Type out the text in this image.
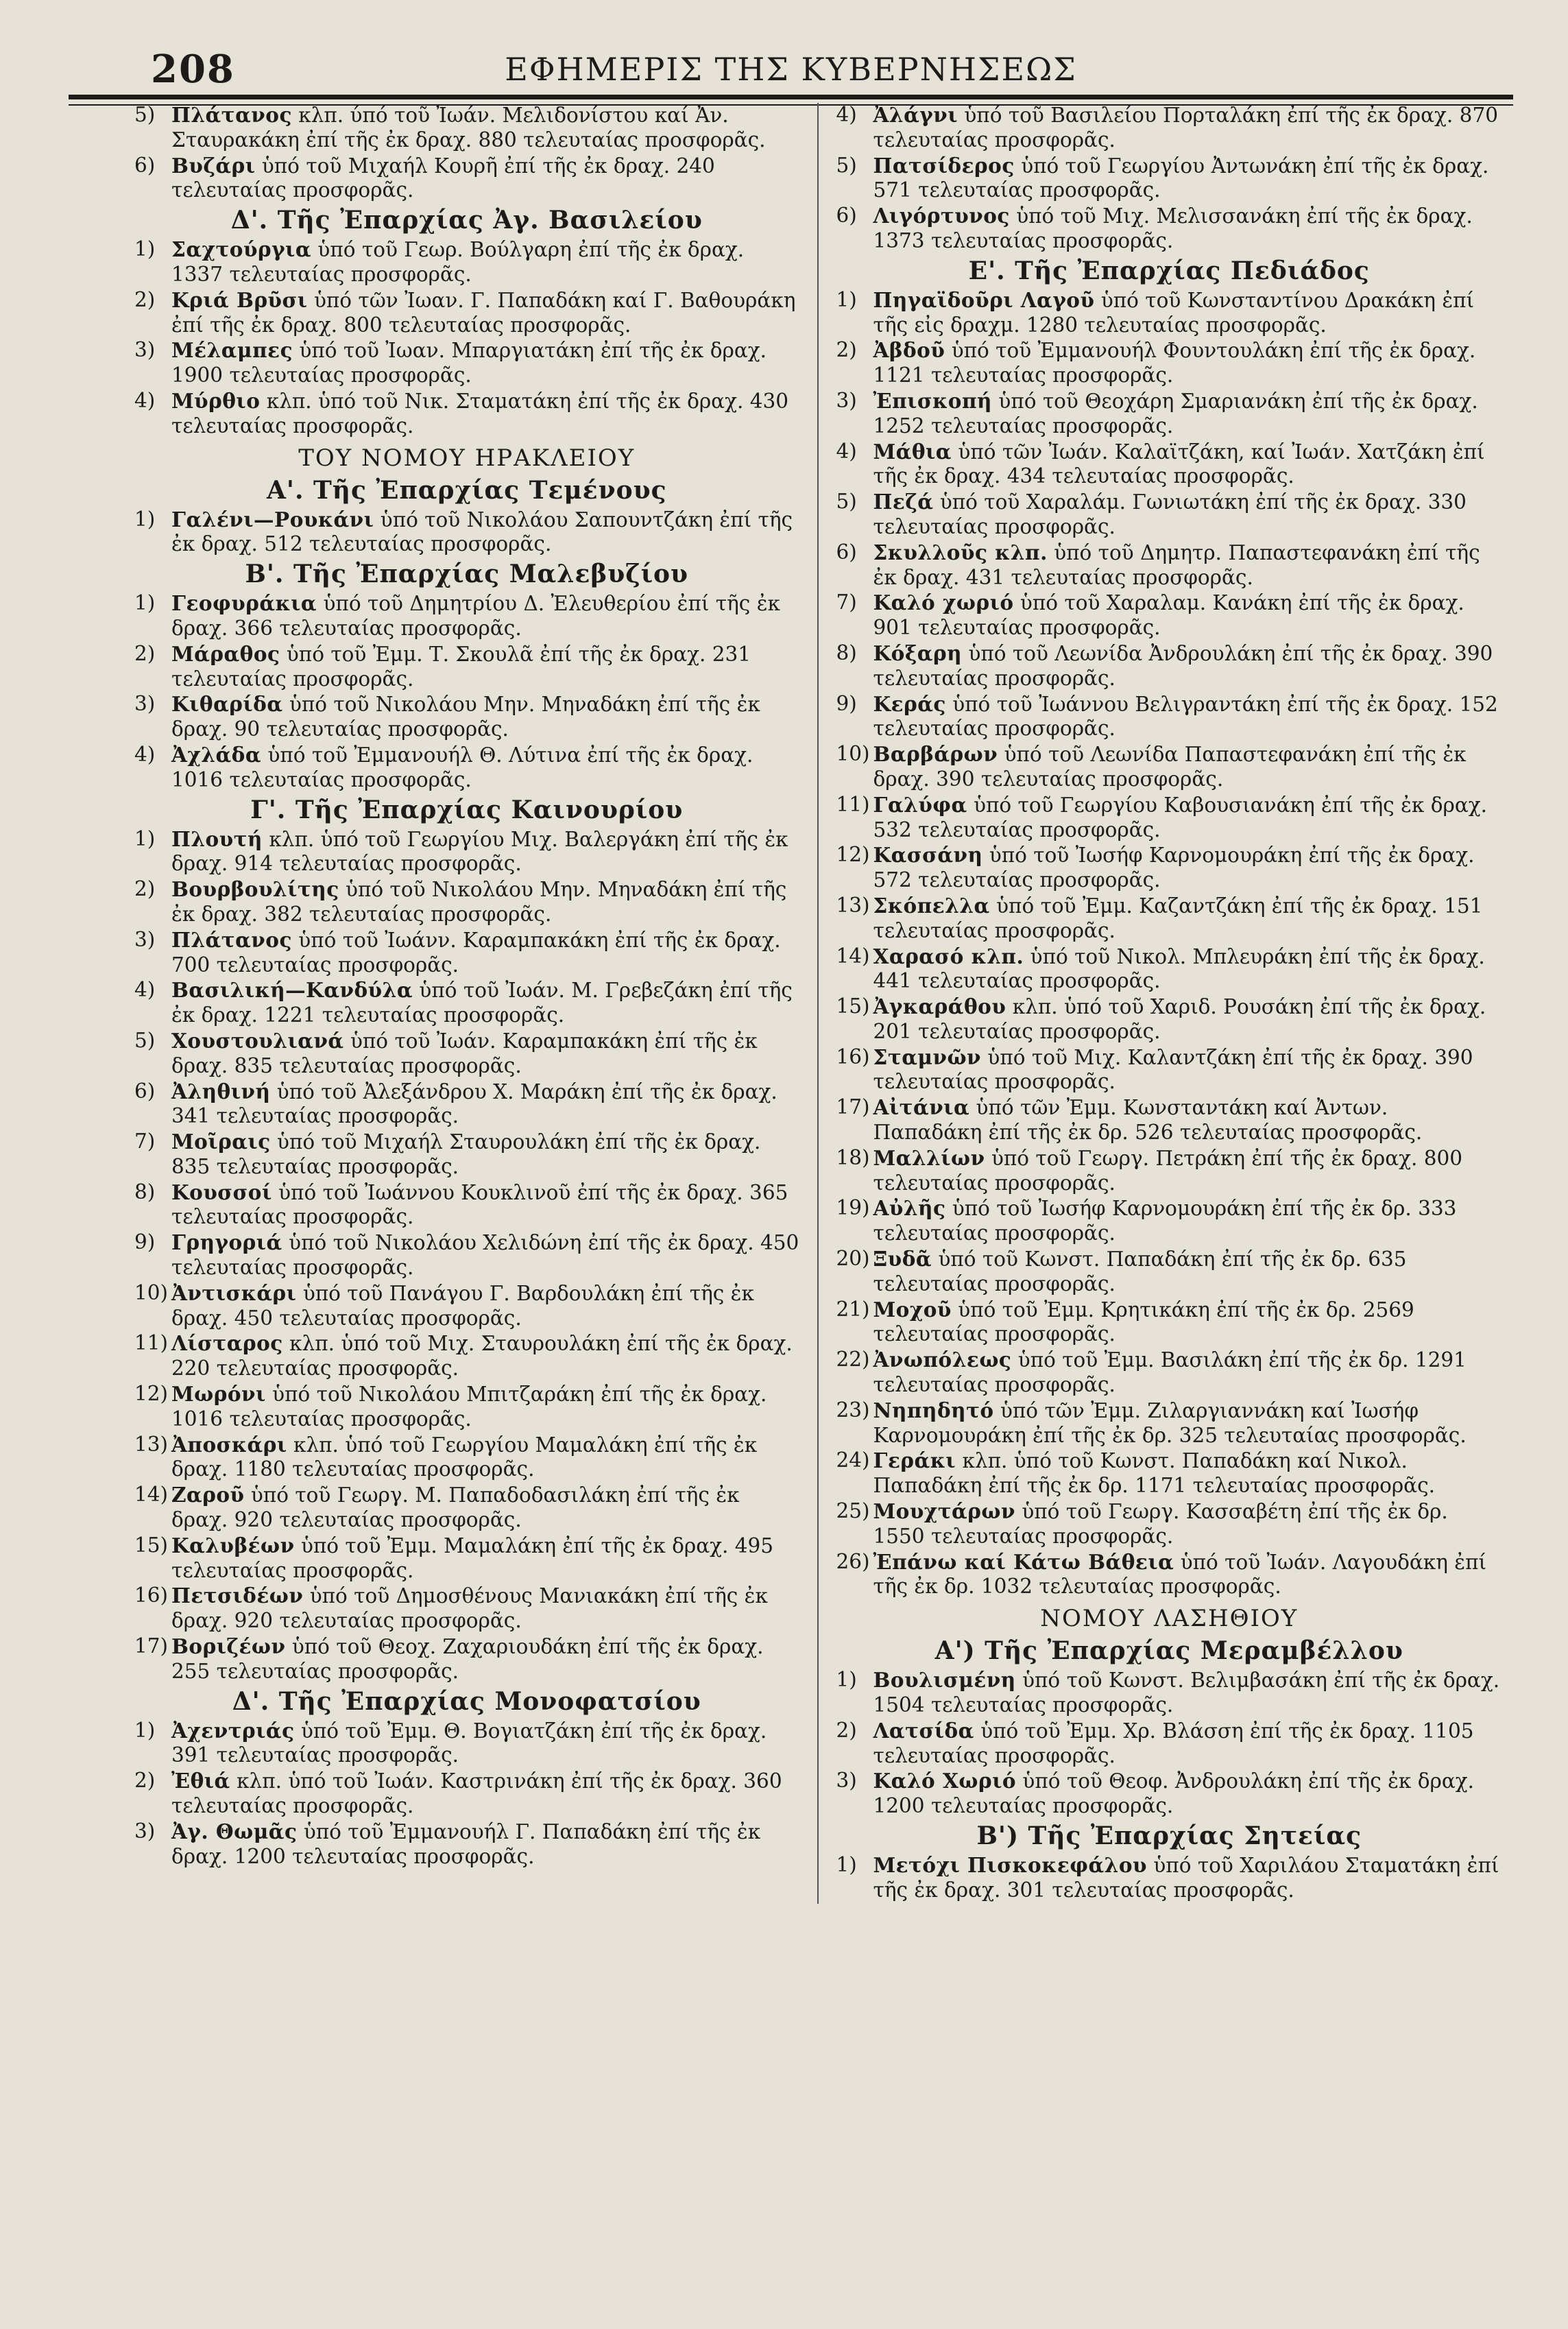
208	ΕΦΗΜΕΡΙΣ ΤΗΣ ΚΥΒΕΡΝΗΣΕΩΣ
5) Πλάτανος κλπ. ύπό τοῦ Ἰωάν. Μελιδονίστου καί Ἀν. Σταυρακάκη ἐπί τῆς ἐκ δραχ. 880 τελευταίας προσφορᾶς.
6) Βυζάρι ὑπό τοῦ Μιχαήλ Κουρῆ ἐπί τῆς ἐκ δραχ. 240 τελευταίας προσφορᾶς.
Δ'. Τῆς Ἐπαρχίας Ἀγ. Βασιλείου
1) Σαχτούργια ὑπό τοῦ Γεωρ. Βούλγαρη ἐπί τῆς ἐκ δραχ. 1337 τελευταίας προσφορᾶς.
2) Κριά Βρῦσι ὑπό τῶν Ἰωαν. Γ. Παπαδάκη καί Γ. Βαθουράκη ἐπί τῆς ἐκ δραχ. 800 τελευταίας προσφορᾶς.
3) Μέλαμπες ὑπό τοῦ Ἰωαν. Μπαργιατάκη ἐπί τῆς ἐκ δραχ. 1900 τελευταίας προσφορᾶς.
4) Μύρθιο κλπ. ὑπό τοῦ Νικ. Σταματάκη ἐπί τῆς ἐκ δραχ. 430 τελευταίας προσφορᾶς.
ΤΟΥ ΝΟΜΟΥ ΗΡΑΚΛΕΙΟΥ
Α'. Τῆς Ἐπαρχίας Τεμένους
1) Γαλένι—Ρουκάνι ὑπό τοῦ Νικολάου Σαπουντζάκη ἐπί τῆς ἐκ δραχ. 512 τελευταίας προσφορᾶς.
Β'. Τῆς Ἐπαρχίας Μαλεβυζίου
1) Γεοφυράκια ὑπό τοῦ Δημητρίου Δ. Ἐλευθερίου ἐπί τῆς ἐκ δραχ. 366 τελευταίας προσφορᾶς.
2) Μάραθος ὑπό τοῦ Ἐμμ. Τ. Σκουλᾶ ἐπί τῆς ἐκ δραχ. 231 τελευταίας προσφορᾶς.
3) Κιθαρίδα ὑπό τοῦ Νικολάου Μην. Μηναδάκη ἐπί τῆς ἐκ δραχ. 90 τελευταίας προσφορᾶς.
4) Ἀχλάδα ὑπό τοῦ Ἐμμανουήλ Θ. Λύτινα ἐπί τῆς ἐκ δραχ. 1016 τελευταίας προσφορᾶς.
Γ'. Τῆς Ἐπαρχίας Καινουρίου
1) Πλουτή κλπ. ὑπό τοῦ Γεωργίου Μιχ. Βαλεργάκη ἐπί τῆς ἐκ δραχ. 914 τελευταίας προσφορᾶς.
2) Βουρβουλίτης ὑπό τοῦ Νικολάου Μην. Μηναδάκη ἐπί τῆς ἐκ δραχ. 382 τελευταίας προσφορᾶς.
3) Πλάτανος ὑπό τοῦ Ἰωάνν. Καραμπακάκη ἐπί τῆς ἐκ δραχ. 700 τελευταίας προσφορᾶς.
4) Βασιλική—Κανδύλα ὑπό τοῦ Ἰωάν. Μ. Γρεβεζάκη ἐπί τῆς ἐκ δραχ. 1221 τελευταίας προσφορᾶς.
5) Χουστουλιανά ὑπό τοῦ Ἰωάν. Καραμπακάκη ἐπί τῆς ἐκ δραχ. 835 τελευταίας προσφορᾶς.
6) Ἀληθινή ὑπό τοῦ Ἀλεξάνδρου Χ. Μαράκη ἐπί τῆς ἐκ δραχ. 341 τελευταίας προσφορᾶς.
7) Μοῖραις ὑπό τοῦ Μιχαήλ Σταυρουλάκη ἐπί τῆς ἐκ δραχ. 835 τελευταίας προσφορᾶς.
8) Κουσσοί ὑπό τοῦ Ἰωάννου Κουκλινοῦ ἐπί τῆς ἐκ δραχ. 365 τελευταίας προσφορᾶς.
9) Γρηγοριά ὑπό τοῦ Νικολάου Χελιδώνη ἐπί τῆς ἐκ δραχ. 450 τελευταίας προσφορᾶς.
10) Ἀντισκάρι ὑπό τοῦ Πανάγου Γ. Βαρδουλάκη ἐπί τῆς ἐκ δραχ. 450 τελευταίας προσφορᾶς.
11) Λίσταρος κλπ. ὑπό τοῦ Μιχ. Σταυρουλάκη ἐπί τῆς ἐκ δραχ. 220 τελευταίας προσφορᾶς.
12) Μωρόνι ὑπό τοῦ Νικολάου Μπιτζαράκη ἐπί τῆς ἐκ δραχ. 1016 τελευταίας προσφορᾶς.
13) Ἀποσκάρι κλπ. ὑπό τοῦ Γεωργίου Μαμαλάκη ἐπί τῆς ἐκ δραχ. 1180 τελευταίας προσφορᾶς.
14) Ζαροῦ ὑπό τοῦ Γεωργ. Μ. Παπαδοδασιλάκη ἐπί τῆς ἐκ δραχ. 920 τελευταίας προσφορᾶς.
15) Καλυβέων ὑπό τοῦ Ἐμμ. Μαμαλάκη ἐπί τῆς ἐκ δραχ. 495 τελευταίας προσφορᾶς.
16) Πετσιδέων ὑπό τοῦ Δημοσθένους Μανιακάκη ἐπί τῆς ἐκ δραχ. 920 τελευταίας προσφορᾶς.
17) Βοριζέων ὑπό τοῦ Θεοχ. Ζαχαριουδάκη ἐπί τῆς ἐκ δραχ. 255 τελευταίας προσφορᾶς.
Δ'. Τῆς Ἐπαρχίας Μονοφατσίου
1) Ἀχεντριάς ὑπό τοῦ Ἐμμ. Θ. Βογιατζάκη ἐπί τῆς ἐκ δραχ. 391 τελευταίας προσφορᾶς.
2) Ἐθιά κλπ. ὑπό τοῦ Ἰωάν. Καστρινάκη ἐπί τῆς ἐκ δραχ. 360 τελευταίας προσφορᾶς.
3) Ἀγ. Θωμᾶς ὑπό τοῦ Ἐμμανουήλ Γ. Παπαδάκη ἐπί τῆς ἐκ δραχ. 1200 τελευταίας προσφορᾶς.
4) Ἀλάγνι ὑπό τοῦ Βασιλείου Πορταλάκη ἐπί τῆς ἐκ δραχ. 870 τελευταίας προσφορᾶς.
5) Πατσίδερος ὑπό τοῦ Γεωργίου Ἀντωνάκη ἐπί τῆς ἐκ δραχ. 571 τελευταίας προσφορᾶς.
6) Λιγόρτυνος ὑπό τοῦ Μιχ. Μελισσανάκη ἐπί τῆς ἐκ δραχ. 1373 τελευταίας προσφορᾶς.
Ε'. Τῆς Ἐπαρχίας Πεδιάδος
1) Πηγαϊδοῦρι Λαγοῦ ὑπό τοῦ Κωνσταντίνου Δρακάκη ἐπί τῆς εἰς δραχμ. 1280 τελευταίας προσφορᾶς.
2) Ἀβδοῦ ὑπό τοῦ Ἐμμανουήλ Φουντουλάκη ἐπί τῆς ἐκ δραχ. 1121 τελευταίας προσφορᾶς.
3) Ἐπισκοπή ὑπό τοῦ Θεοχάρη Σμαριανάκη ἐπί τῆς ἐκ δραχ. 1252 τελευταίας προσφορᾶς.
4) Μάθια ὑπό τῶν Ἰωάν. Καλαϊτζάκη, καί Ἰωάν. Χατζάκη ἐπί τῆς ἐκ δραχ. 434 τελευταίας προσφορᾶς.
5) Πεζά ὑπό τοῦ Χαραλάμ. Γωνιωτάκη ἐπί τῆς ἐκ δραχ. 330 τελευταίας προσφορᾶς.
6) Σκυλλοῦς κλπ. ὑπό τοῦ Δημητρ. Παπαστεφανάκη ἐπί τῆς ἐκ δραχ. 431 τελευταίας προσφορᾶς.
7) Καλό χωριό ὑπό τοῦ Χαραλαμ. Κανάκη ἐπί τῆς ἐκ δραχ. 901 τελευταίας προσφορᾶς.
8) Κόξαρη ὑπό τοῦ Λεωνίδα Ἀνδρουλάκη ἐπί τῆς ἐκ δραχ. 390 τελευταίας προσφορᾶς.
9) Κεράς ὑπό τοῦ Ἰωάννου Βελιγραντάκη ἐπί τῆς ἐκ δραχ. 152 τελευταίας προσφορᾶς.
10) Βαρβάρων ὑπό τοῦ Λεωνίδα Παπαστεφανάκη ἐπί τῆς ἐκ δραχ. 390 τελευταίας προσφορᾶς.
11) Γαλύφα ὑπό τοῦ Γεωργίου Καβουσιανάκη ἐπί τῆς ἐκ δραχ. 532 τελευταίας προσφορᾶς.
12) Κασσάνη ὑπό τοῦ Ἰωσήφ Καρνομουράκη ἐπί τῆς ἐκ δραχ. 572 τελευταίας προσφορᾶς.
13) Σκόπελλα ὑπό τοῦ Ἐμμ. Καζαντζάκη ἐπί τῆς ἐκ δραχ. 151 τελευταίας προσφορᾶς.
14) Χαρασό κλπ. ὑπό τοῦ Νικολ. Μπλευράκη ἐπί τῆς ἐκ δραχ. 441 τελευταίας προσφορᾶς.
15) Ἀγκαράθου κλπ. ὑπό τοῦ Χαριδ. Ρουσάκη ἐπί τῆς ἐκ δραχ. 201 τελευταίας προσφορᾶς.
16) Σταμνῶν ὑπό τοῦ Μιχ. Καλαντζάκη ἐπί τῆς ἐκ δραχ. 390 τελευταίας προσφορᾶς.
17) Αἰτάνια ὑπό τῶν Ἐμμ. Κωνσταντάκη καί Ἀντων. Παπαδάκη ἐπί τῆς ἐκ δρ. 526 τελευταίας προσφορᾶς.
18) Μαλλίων ὑπό τοῦ Γεωργ. Πετράκη ἐπί τῆς ἐκ δραχ. 800 τελευταίας προσφορᾶς.
19) Αὐλῆς ὑπό τοῦ Ἰωσήφ Καρνομουράκη ἐπί τῆς ἐκ δρ. 333 τελευταίας προσφορᾶς.
20) Ξυδᾶ ὑπό τοῦ Κωνστ. Παπαδάκη ἐπί τῆς ἐκ δρ. 635 τελευταίας προσφορᾶς.
21) Μοχοῦ ὑπό τοῦ Ἐμμ. Κρητικάκη ἐπί τῆς ἐκ δρ. 2569 τελευταίας προσφορᾶς.
22) Ἀνωπόλεως ὑπό τοῦ Ἐμμ. Βασιλάκη ἐπί τῆς ἐκ δρ. 1291 τελευταίας προσφορᾶς.
23) Νηπηδητό ὑπό τῶν Ἐμμ. Ζιλαργιαννάκη καί Ἰωσήφ Καρνομουράκη ἐπί τῆς ἐκ δρ. 325 τελευταίας προσφορᾶς.
24) Γεράκι κλπ. ὑπό τοῦ Κωνστ. Παπαδάκη καί Νικολ. Παπαδάκη ἐπί τῆς ἐκ δρ. 1171 τελευταίας προσφορᾶς.
25) Μουχτάρων ὑπό τοῦ Γεωργ. Κασσαβέτη ἐπί τῆς ἐκ δρ. 1550 τελευταίας προσφορᾶς.
26) Ἐπάνω καί Κάτω Βάθεια ὑπό τοῦ Ἰωάν. Λαγουδάκη ἐπί τῆς ἐκ δρ. 1032 τελευταίας προσφορᾶς.
ΝΟΜΟΥ ΛΑΣΗΘΙΟΥ
Α') Τῆς Ἐπαρχίας Μεραμβέλλου
1) Βουλισμένη ὑπό τοῦ Κωνστ. Βελιμβασάκη ἐπί τῆς ἐκ δραχ. 1504 τελευταίας προσφορᾶς.
2) Λατσίδα ὑπό τοῦ Ἐμμ. Χρ. Βλάσση ἐπί τῆς ἐκ δραχ. 1105 τελευταίας προσφορᾶς.
3) Καλό Χωριό ὑπό τοῦ Θεοφ. Ἀνδρουλάκη ἐπί τῆς ἐκ δραχ. 1200 τελευταίας προσφορᾶς.
Β') Τῆς Ἐπαρχίας Σητείας
1) Μετόχι Πισκοκεφάλου ὑπό τοῦ Χαριλάου Σταματάκη ἐπί τῆς ἐκ δραχ. 301 τελευταίας προσφορᾶς.
